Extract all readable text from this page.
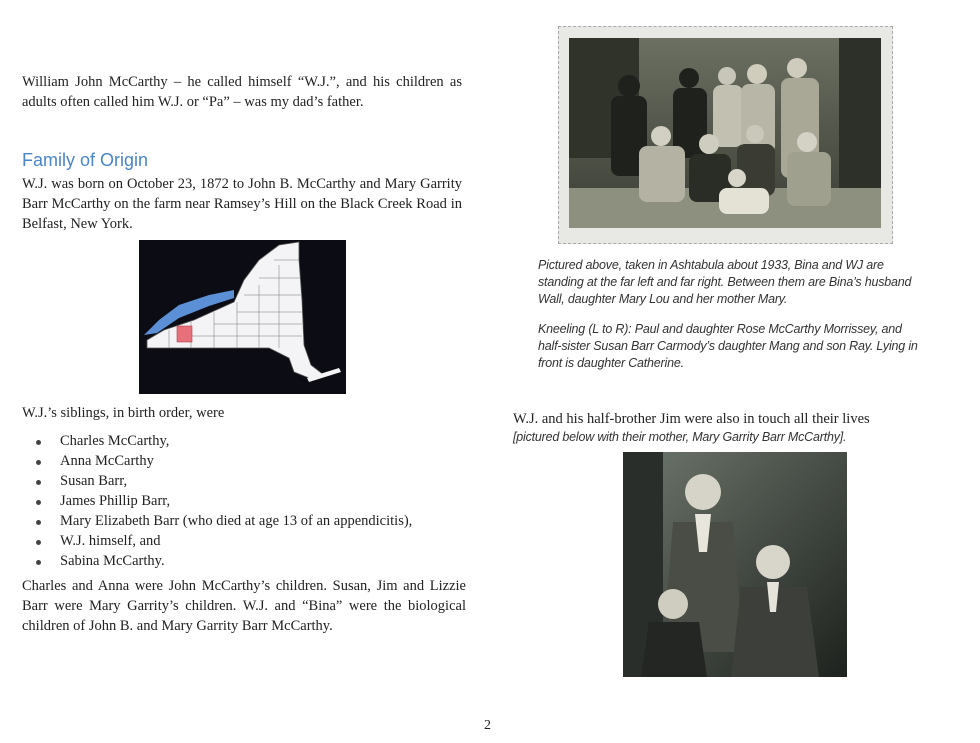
William John McCarthy – he called himself “W.J.”, and his children as adults often called him W.J. or “Pa” – was my dad’s father.

Family of Origin

W.J. was born on October 23, 1872 to John B. McCarthy and Mary Garrity Barr McCarthy on the farm near Ramsey’s Hill on the Black Creek Road in Belfast, New York.

W.J.’s siblings, in birth order, were

Charles McCarthy,
Anna McCarthy
Susan Barr,
James Phillip Barr,
Mary Elizabeth Barr (who died at age 13 of an appendicitis),
W.J. himself, and
Sabina McCarthy.

Charles and Anna were John McCarthy’s children. Susan, Jim and Lizzie Barr were Mary Garrity’s children. W.J. and “Bina” were the biological children of John B. and Mary Garrity Barr McCarthy.

Pictured above, taken in Ashtabula about 1933, Bina and WJ are standing at the far left and far right. Between them are Bina’s husband Wall, daughter Mary Lou and her mother Mary.

Kneeling (L to R): Paul and daughter Rose McCarthy Morrissey, and half-sister Susan Barr Carmody’s daughter Mang and son Ray. Lying in front is daughter Catherine.

W.J. and his half-brother Jim were also in touch all their lives

[pictured below with their mother, Mary Garrity Barr McCarthy].

2
